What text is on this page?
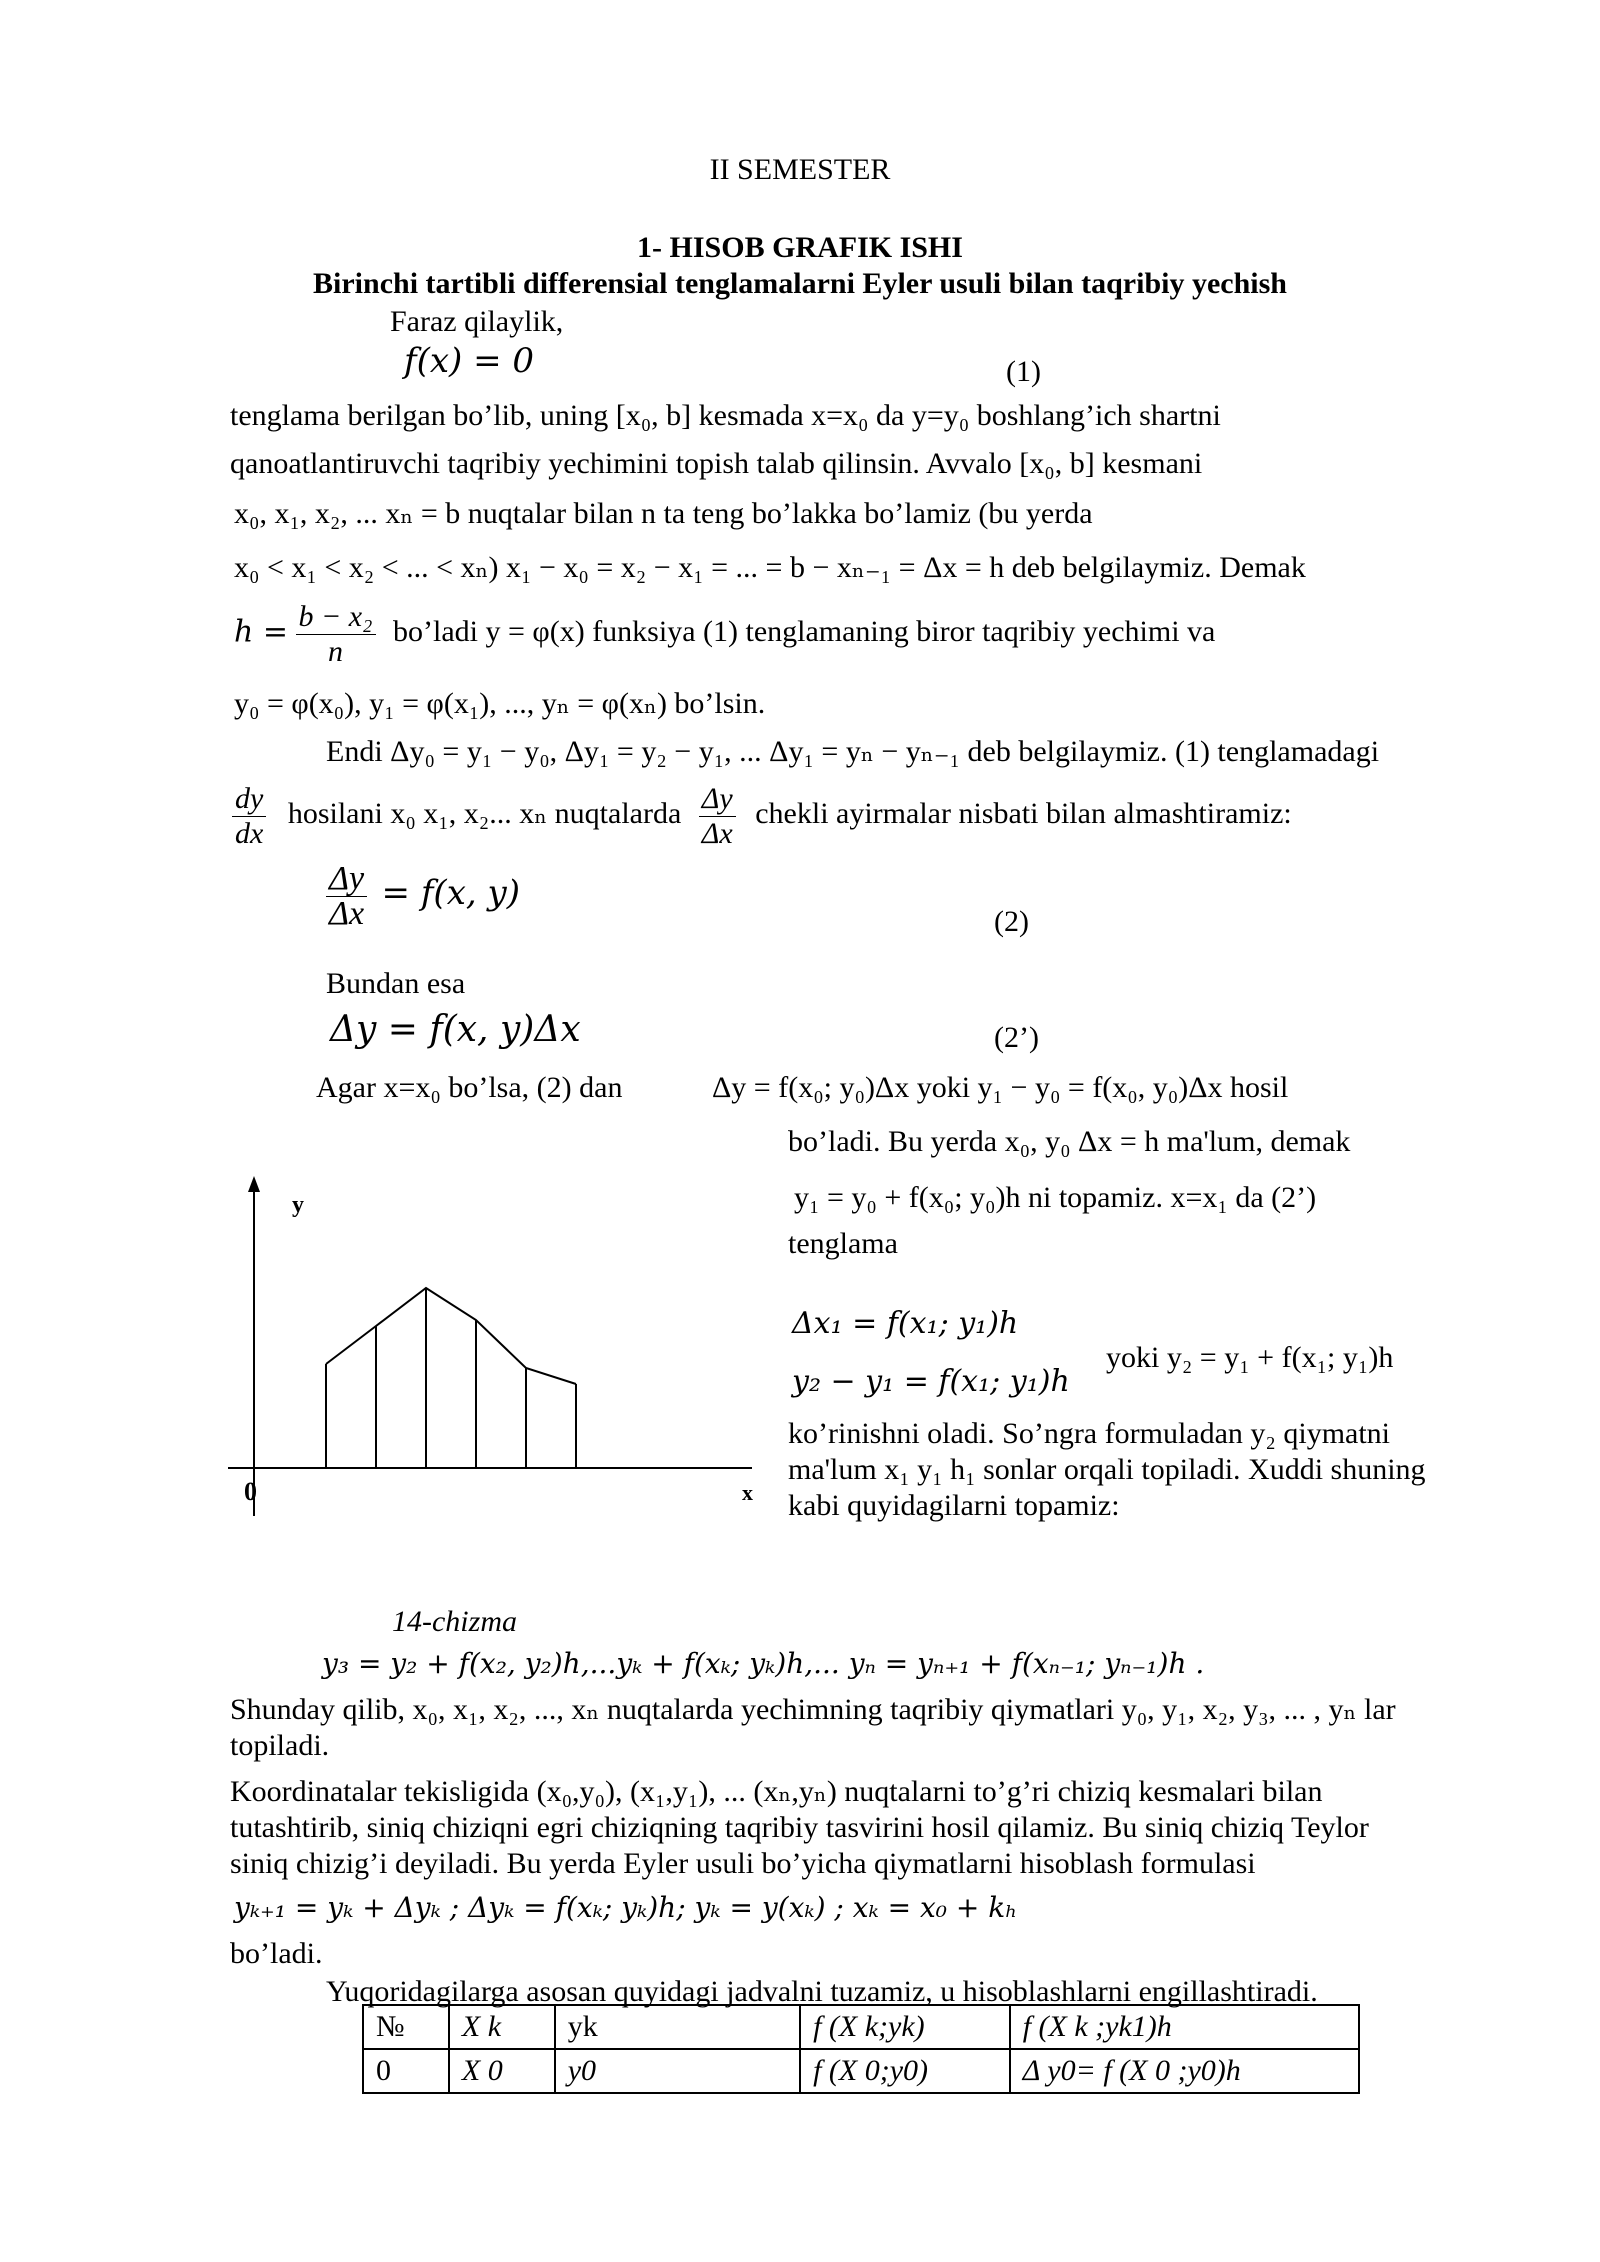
II SEMESTER
1- HISOB GRAFIK ISHI
Birinchi tartibli differensial tenglamalarni Eyler usuli bilan taqribiy yechish
Faraz qilaylik,
f(x) = 0	(1)
tenglama berilgan bo’lib, uning [x₀, b] kesmada x=x₀ da y=y₀ boshlang’ich shartni
qanoatlantiruvchi taqribiy yechimini topish talab qilinsin. Avvalo [x₀, b] kesmani
x₀, x₁, x₂, ... xₙ = b nuqtalar bilan n ta teng bo’lakka bo’lamiz (bu yerda
x₀ < x₁ < x₂ < ... < xₙ) x₁ − x₀ = x₂ − x₁ = ... = b − xₙ₋₁ = Δx = h deb belgilaymiz. Demak
$h = \frac{\text{b − x₂}}{n}$ bo’ladi y = φ(x) funksiya (1) tenglamaning biror taqribiy yechimi va
y₀ = φ(x₀), y₁ = φ(x₁), ..., yₙ = φ(xₙ) bo’lsin.
Endi Δy₀ = y₁ − y₀, Δy₁ = y₂ − y₁, ... Δy₁ = yₙ − yₙ₋₁ deb belgilaymiz. (1) tenglamadagi
$\frac{dy}{dx}$ hosilani x₀ x₁, x₂... xₙ nuqtalarda $\frac{\Delta y}{\Delta x}$ chekli ayirmalar nisbati bilan almashtiramiz:
$\frac{\Delta y}{\Delta x} = f(x$, y)
(2)
Bundan esa
Δy = f(x, y)Δx	(2’)
Agar x=x₀ bo’lsa, (2) dan	Δy = f(x₀; y₀)Δx yoki y₁ − y₀ = f(x₀, y₀)Δx hosil
bo’ladi. Bu yerda x₀, y₀ Δx = h ma'lum, demak
y₁ = y₀ + f(x₀; y₀)h ni topamiz. x=x₁ da (2’)
tenglama
Δx₁ = f(x₁; y₁)h
y₂ − y₁ = f(x₁; y₁)h
yoki y₂ = y₁ + f(x₁; y₁)h
ko’rinishni oladi. So’ngra formuladan y₂ qiymatni
ma'lum x₁ y₁ h₁ sonlar orqali topiladi. Xuddi shuning
kabi quyidagilarni topamiz:
y
0	x
14-chizma
y₃ = y₂ + f(x₂, y₂)h,...yₖ + f(xₖ; yₖ)h,... yₙ = yₙ₊₁ + f(xₙ₋₁; yₙ₋₁)h .
Shunday qilib, x₀, x₁, x₂, ..., xₙ nuqtalarda yechimning taqribiy qiymatlari y₀, y₁, x₂, y₃, ... , yₙ lar
topiladi.
Koordinatalar tekisligida (x₀,y₀), (x₁,y₁), ... (xₙ,yₙ) nuqtalarni to’g’ri chiziq kesmalari bilan
tutashtirib, siniq chiziqni egri chiziqning taqribiy tasvirini hosil qilamiz. Bu siniq chiziq Teylor
siniq chizig’i deyiladi. Bu yerda Eyler usuli bo’yicha qiymatlarni hisoblash formulasi
yₖ₊₁ = yₖ + Δyₖ ; Δyₖ = f(xₖ; yₖ)h; yₖ = y(xₖ) ; xₖ = x₀ + kₕ
bo’ladi.
Yuqoridagilarga asosan quyidagi jadvalni tuzamiz, u hisoblashlarni engillashtiradi.
№	X k	yk	f (X k;yk)	f (X k ;yk1)h
0	X 0	y0	f (X 0;y0)	Δ y0= f (X 0 ;y0)h
